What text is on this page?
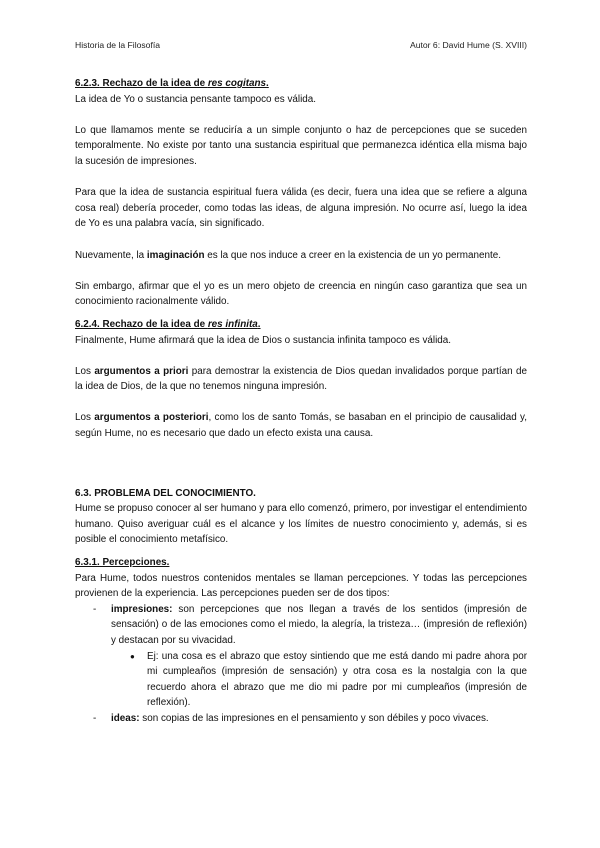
Historia de la Filosofía	Autor 6: David Hume (S. XVIII)
6.2.3. Rechazo de la idea de res cogitans.

La idea de Yo o sustancia pensante tampoco es válida.

Lo que llamamos mente se reduciría a un simple conjunto o haz de percepciones que se suceden temporalmente. No existe por tanto una sustancia espiritual que permanezca idéntica ella misma bajo la sucesión de impresiones.

Para que la idea de sustancia espiritual fuera válida (es decir, fuera una idea que se refiere a alguna cosa real) debería proceder, como todas las ideas, de alguna impresión. No ocurre así, luego la idea de Yo es una palabra vacía, sin significado.

Nuevamente, la imaginación es la que nos induce a creer en la existencia de un yo permanente.

Sin embargo, afirmar que el yo es un mero objeto de creencia en ningún caso garantiza que sea un conocimiento racionalmente válido.

6.2.4. Rechazo de la idea de res infinita.

Finalmente, Hume afirmará que la idea de Dios o sustancia infinita tampoco es válida.

Los argumentos a priori para demostrar la existencia de Dios quedan invalidados porque partían de la idea de Dios, de la que no tenemos ninguna impresión.

Los argumentos a posteriori, como los de santo Tomás, se basaban en el principio de causalidad y, según Hume, no es necesario que dado un efecto exista una causa.

6.3. PROBLEMA DEL CONOCIMIENTO.

Hume se propuso conocer al ser humano y para ello comenzó, primero, por investigar el entendimiento humano. Quiso averiguar cuál es el alcance y los límites de nuestro conocimiento y, además, si es posible el conocimiento metafísico.

6.3.1. Percepciones.

Para Hume, todos nuestros contenidos mentales se llaman percepciones. Y todas las percepciones provienen de la experiencia. Las percepciones pueden ser de dos tipos:

- impresiones: son percepciones que nos llegan a través de los sentidos (impresión de sensación) o de las emociones como el miedo, la alegría, la tristeza… (impresión de reflexión) y destacan por su vivacidad.
● Ej: una cosa es el abrazo que estoy sintiendo que me está dando mi padre ahora por mi cumpleaños (impresión de sensación) y otra cosa es la nostalgia con la que recuerdo ahora el abrazo que me dio mi padre por mi cumpleaños (impresión de reflexión).
- ideas: son copias de las impresiones en el pensamiento y son débiles y poco vivaces.
